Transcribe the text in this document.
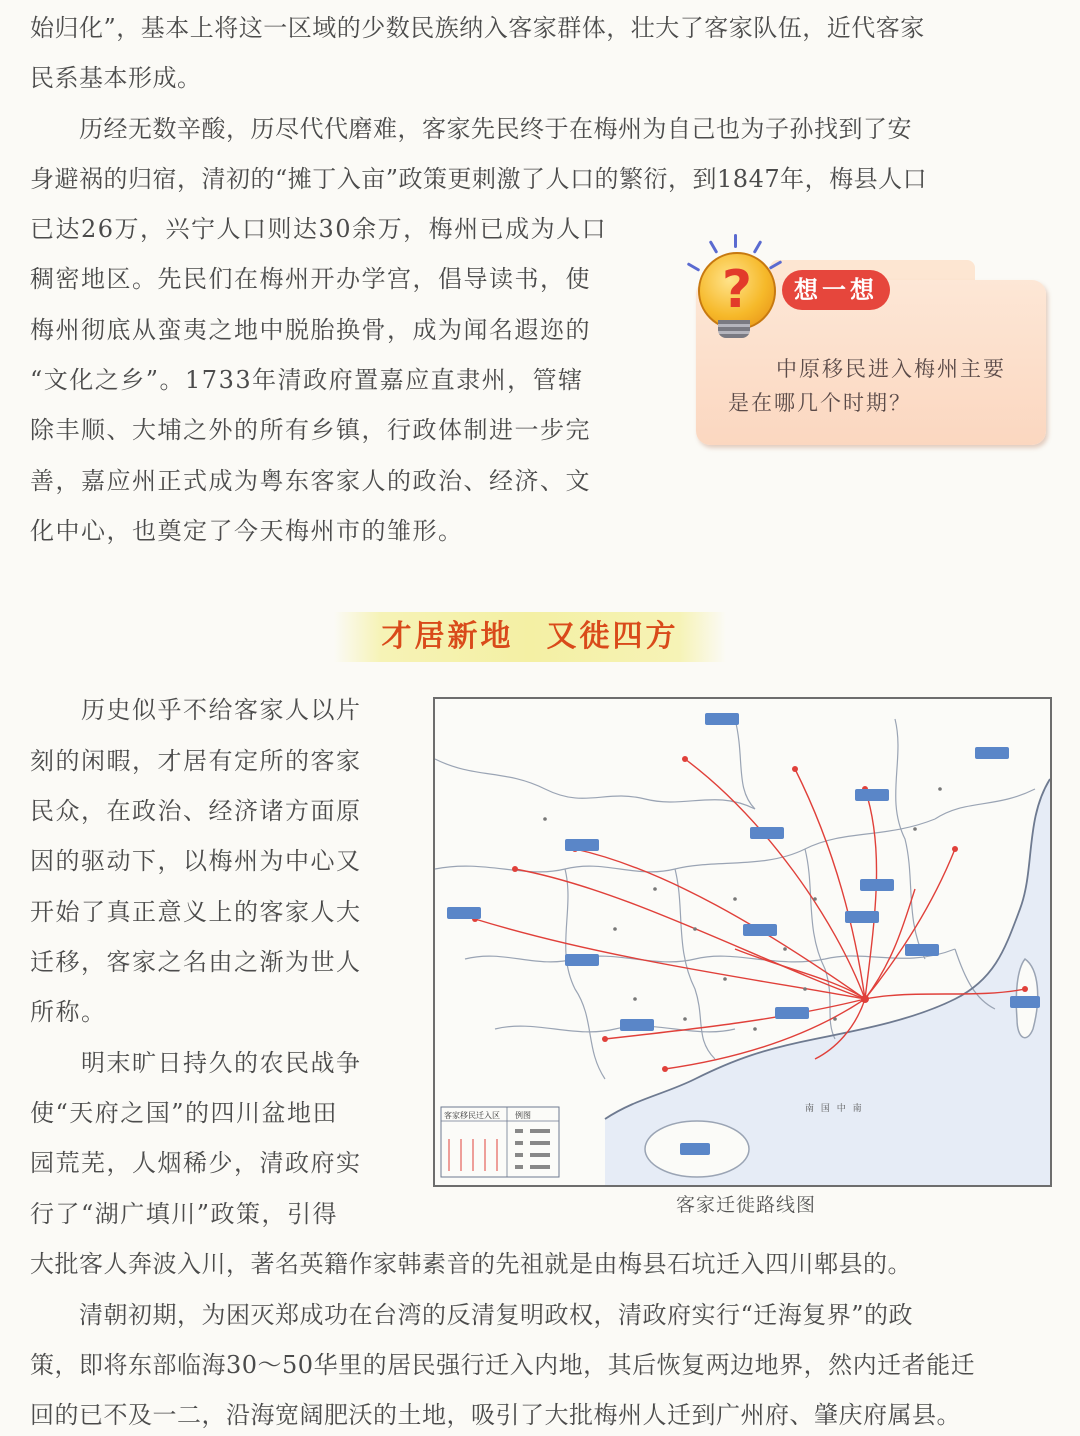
始归化”，基本上将这一区域的少数民族纳入客家群体，壮大了客家队伍，近代客家
民系基本形成。
　　历经无数辛酸，历尽代代磨难，客家先民终于在梅州为自己也为子孙找到了安
身避祸的归宿，清初的“摊丁入亩”政策更刺激了人口的繁衍，到1847年，梅县人口
已达26万，兴宁人口则达30余万，梅州已成为人口
稠密地区。先民们在梅州开办学宫，倡导读书，使
梅州彻底从蛮夷之地中脱胎换骨，成为闻名遐迩的
“文化之乡”。1733年清政府置嘉应直隶州，管辖
除丰顺、大埔之外的所有乡镇，行政体制进一步完
善，嘉应州正式成为粤东客家人的政治、经济、文
化中心，也奠定了今天梅州市的雏形。
?	想一想
中原移民进入梅州主要
是在哪几个时期？
才居新地　又徙四方
　　历史似乎不给客家人以片
刻的闲暇，才居有定所的客家
民众，在政治、经济诸方面原
因的驱动下，以梅州为中心又
开始了真正意义上的客家人大
迁移，客家之名由之渐为世人
所称。
　　明末旷日持久的农民战争
使“天府之国”的四川盆地田
园荒芜，人烟稀少，清政府实
行了“湖广填川”政策，引得
客家移民迁入区 例图
南 国 中 南
客家迁徙路线图
大批客人奔波入川，著名英籍作家韩素音的先祖就是由梅县石坑迁入四川郫县的。
　　清朝初期，为困灭郑成功在台湾的反清复明政权，清政府实行“迁海复界”的政
策，即将东部临海30～50华里的居民强行迁入内地，其后恢复两边地界，然内迁者能迁
回的已不及一二，沿海宽阔肥沃的土地，吸引了大批梅州人迁到广州府、肇庆府属县。
